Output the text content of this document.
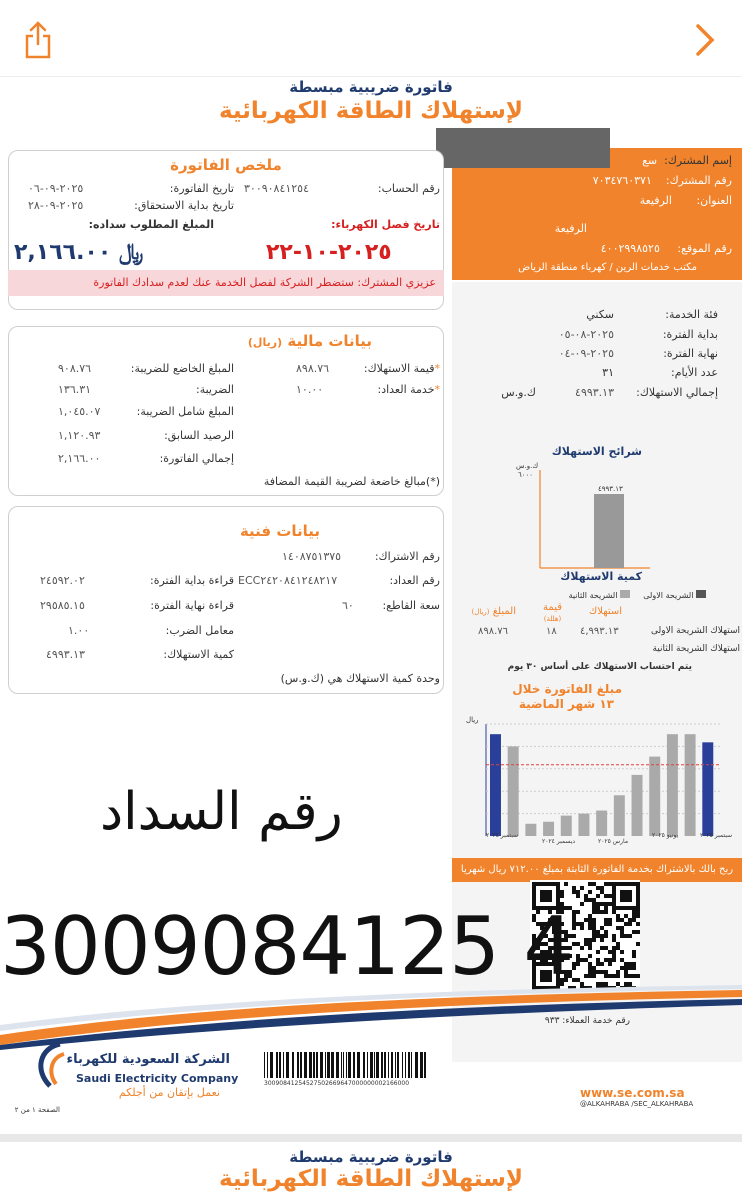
فاتورة ضريبية مبسطة
لإستهلاك الطاقة الكهربائية
إسم المشترك:  سع
رقم المشترك:    ٧٠٣٤٧٦٠٣٧١
العنوان:       الرفيعة
الرفيعة
رقم الموقع:     ٤٠٠٢٩٩٨٥٢٥
مكتب خدمات الرين / كهرباء منطقة الرياض
ملخص الفاتورة
رقم الحساب:
٣٠٠٩٠٨٤١٢٥٤
تاريخ الفاتورة:
٢٠٢٥-٠٩-٠٦
تاريخ بداية الاستحقاق:
٢٠٢٥-٠٩-٢٨
تاريخ فصل الكهرباء:
المبلغ المطلوب سداده:
٢٠٢٥-١٠-٢٢
﷼ ٢,١٦٦.٠٠
عزيزي المشترك: ستضطر الشركة لفصل الخدمة عنك لعدم سدادك الفاتورة
فئة الخدمة:
سكني
بداية الفترة:
٢٠٢٥-٠٨-٠٥
نهاية الفترة:
٢٠٢٥-٠٩-٠٤
عدد الأيام:
٣١
إجمالي الاستهلاك:
٤٩٩٣.١٣
ك.و.س
بيانات مالية (ريال)
*قيمة الاستهلاك:
٨٩٨.٧٦
*خدمة العداد:
١٠.٠٠
المبلغ الخاضع للضريبة:
٩٠٨.٧٦
الضريبة:
١٣٦.٣١
المبلغ شامل الضريبة:
١,٠٤٥.٠٧
الرصيد السابق:
١,١٢٠.٩٣
إجمالي الفاتورة:
٢,١٦٦.٠٠
(*)مبالغ خاضعة لضريبة القيمة المضافة
بيانات فنية
رقم الاشتراك:
١٤٠٨٧٥١٣٧٥
رقم العداد:
ECC٢٤٢٠٨٤١٢٤٨٢١٧
سعة القاطع:
٦٠
قراءة بداية الفترة:
٢٤٥٩٢.٠٢
قراءة نهاية الفترة:
٢٩٥٨٥.١٥
معامل الضرب:
١.٠٠
كمية الاستهلاك:
٤٩٩٣.١٣
وحدة كمية الاستهلاك هي (ك.و.س)
شرائح الاستهلاك
ك.و.س
٦٠٠٠
٤٩٩٣.١٣
كمية الاستهلاك
الشريحة الاولى
الشريحة الثانية
استهلاك
قيمة
(هللة)
المبلغ (ريال)
استهلاك الشريحة الاولى
٤,٩٩٣.١٣
١٨
٨٩٨.٧٦
استهلاك الشريحة الثانية
يتم احتساب الاستهلاك على أساس ٣٠ يوم
مبلغ الفاتورة خلال
١٣ شهر الماضية
ريال
سبتمبر ٢٠٢٤
ديسمبر ٢٠٢٤	مارس ٢٠٢٥
يونيو ٢٠٢٥	سبتمبر ٢٠٢٥
ربح بالك بالاشتراك بخدمة الفاتورة الثابتة بمبلغ ٧١٢.٠٠ ريال شهريا
رقم خدمة العملاء: ٩٣٣
رقم السداد
3009084125 4
الشركة السعودية للكهرباء
Saudi Electricity Company
نعمل بإتقان من أجلكم
الصفحة ١ من ٢
30090841254527502669647000000002166000
www.se.com.sa
@ALKAHRABA /SEC_ALKAHRABA
فاتورة ضريبية مبسطة
لإستهلاك الطاقة الكهربائية
